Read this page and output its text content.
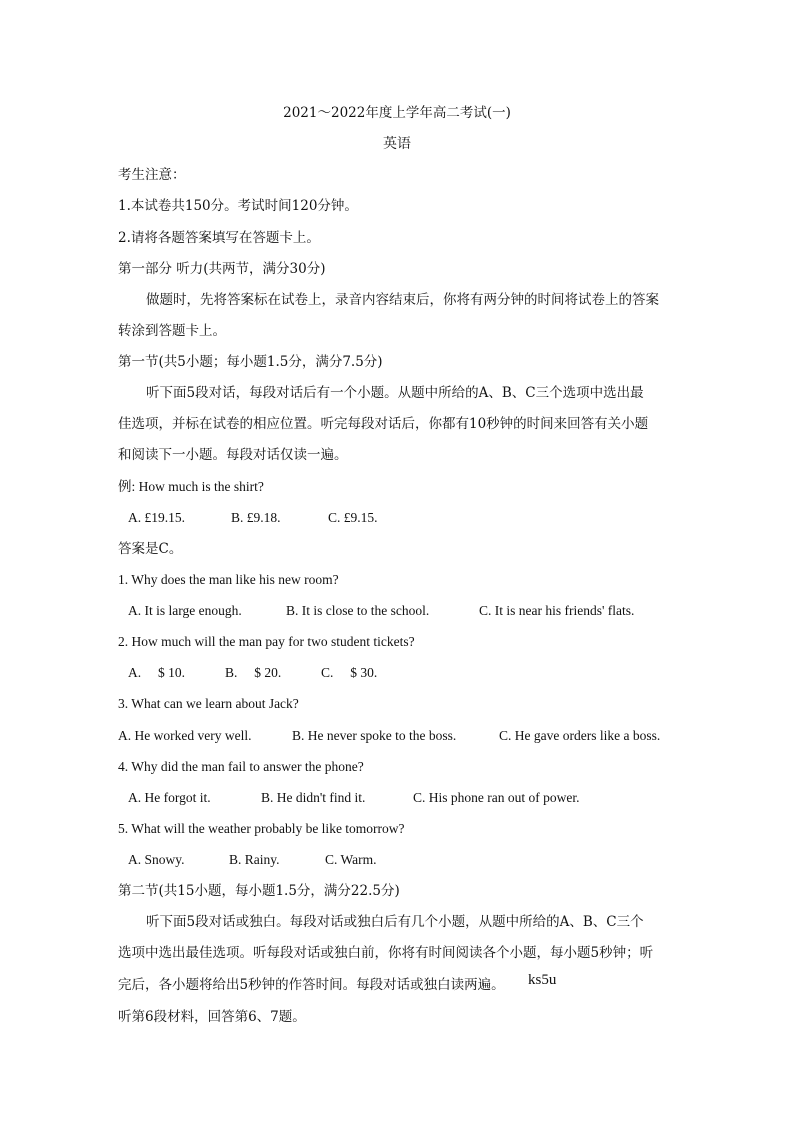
2021～2022年度上学年高二考试(一)
英语
考生注意：
1.本试卷共150分。考试时间120分钟。
2.请将各题答案填写在答题卡上。
第一部分 听力(共两节，满分30分)
做题时，先将答案标在试卷上，录音内容结束后，你将有两分钟的时间将试卷上的答案
转涂到答题卡上。
第一节(共5小题；每小题1.5分，满分7.5分)
听下面5段对话，每段对话后有一个小题。从题中所给的A、B、C三个选项中选出最
佳选项，并标在试卷的相应位置。听完每段对话后，你都有10秒钟的时间来回答有关小题
和阅读下一小题。每段对话仅读一遍。
例: How much is the shirt?
A. £19.15.	B. £9.18.	C. £9.15.
答案是C。
1. Why does the man like his new room?
A. It is large enough.	B. It is close to the school.	C. It is near his friends' flats.
2. How much will the man pay for two student tickets?
A.     $ 10.	B.     $ 20.	C.     $ 30.
3. What can we learn about Jack?
A. He worked very well.	B. He never spoke to the boss.	C. He gave orders like a boss.
4. Why did the man fail to answer the phone?
A. He forgot it.	B. He didn't find it.	C. His phone ran out of power.
5. What will the weather probably be like tomorrow?
A. Snowy.	B. Rainy.	C. Warm.
第二节(共15小题，每小题1.5分，满分22.5分)
听下面5段对话或独白。每段对话或独白后有几个小题，从题中所给的A、B、C三个
选项中选出最佳选项。听每段对话或独白前，你将有时间阅读各个小题，每小题5秒钟；听
完后，各小题将给出5秒钟的作答时间。每段对话或独白读两遍。 ks5u
听第6段材料，回答第6、7题。
